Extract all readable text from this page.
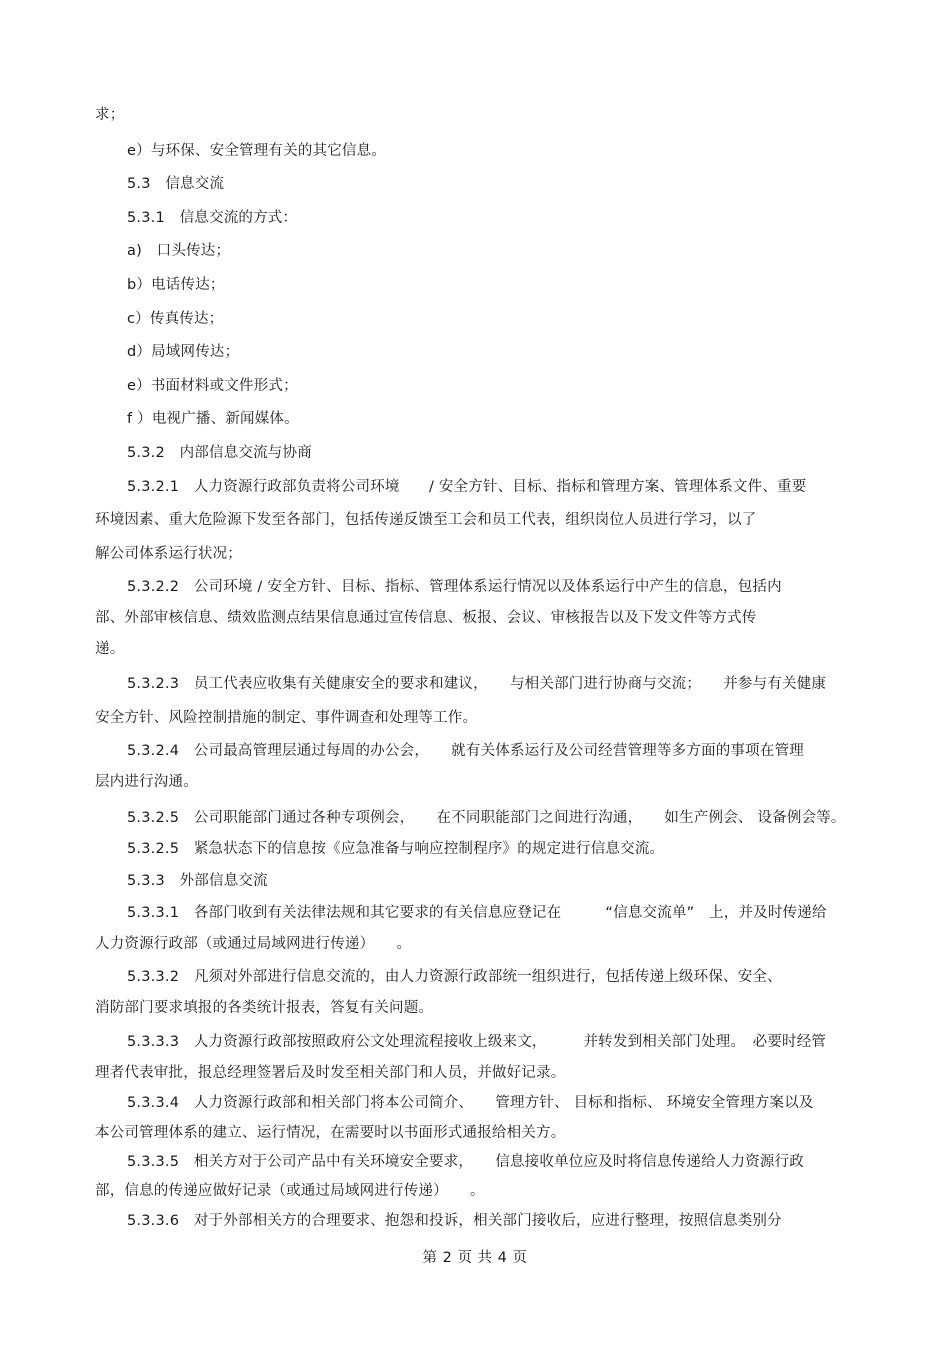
求；

e）与环保、安全管理有关的其它信息。

5.3　信息交流

5.3.1　信息交流的方式：

a)　口头传达；

b）电话传达；

c）传真传达；

d）局域网传达；

e）书面材料或文件形式；

f ）电视广播、新闻媒体。

5.3.2　内部信息交流与协商

5.3.2.1　人力资源行政部负责将公司环境　　/ 安全方针、目标、指标和管理方案、管理体系文件、重要

环境因素、重大危险源下发至各部门，包括传递反馈至工会和员工代表，组织岗位人员进行学习，以了

解公司体系运行状况；

5.3.2.2　公司环境 / 安全方针、目标、指标、管理体系运行情况以及体系运行中产生的信息，包括内

部、外部审核信息、绩效监测点结果信息通过宣传信息、板报、会议、审核报告以及下发文件等方式传

递。

5.3.2.3　员工代表应收集有关健康安全的要求和建议，　　与相关部门进行协商与交流；　　并参与有关健康

安全方针、风险控制措施的制定、事件调查和处理等工作。

5.3.2.4　公司最高管理层通过每周的办公会，　　就有关体系运行及公司经营管理等多方面的事项在管理

层内进行沟通。

5.3.2.5　公司职能部门通过各种专项例会，　　在不同职能部门之间进行沟通，　　如生产例会、 设备例会等。

5.3.2.5　紧急状态下的信息按《应急准备与响应控制程序》的规定进行信息交流。

5.3.3　外部信息交流

5.3.3.1　各部门收到有关法律法规和其它要求的有关信息应登记在　　　“信息交流单”　上，并及时传递给

人力资源行政部（或通过局域网进行传递）　　。

5.3.3.2　凡须对外部进行信息交流的，由人力资源行政部统一组织进行，包括传递上级环保、安全、

消防部门要求填报的各类统计报表，答复有关问题。

5.3.3.3　人力资源行政部按照政府公文处理流程接收上级来文，　　　并转发到相关部门处理。　必要时经管

理者代表审批，报总经理签署后及时发至相关部门和人员，并做好记录。

5.3.3.4　人力资源行政部和相关部门将本公司简介、　　管理方针、 目标和指标、 环境安全管理方案以及

本公司管理体系的建立、运行情况，在需要时以书面形式通报给相关方。

5.3.3.5　相关方对于公司产品中有关环境安全要求，　　信息接收单位应及时将信息传递给人力资源行政

部，信息的传递应做好记录（或通过局域网进行传递）　　。

5.3.3.6　对于外部相关方的合理要求、抱怨和投诉，相关部门接收后，应进行整理，按照信息类别分

第 2 页 共 4 页
